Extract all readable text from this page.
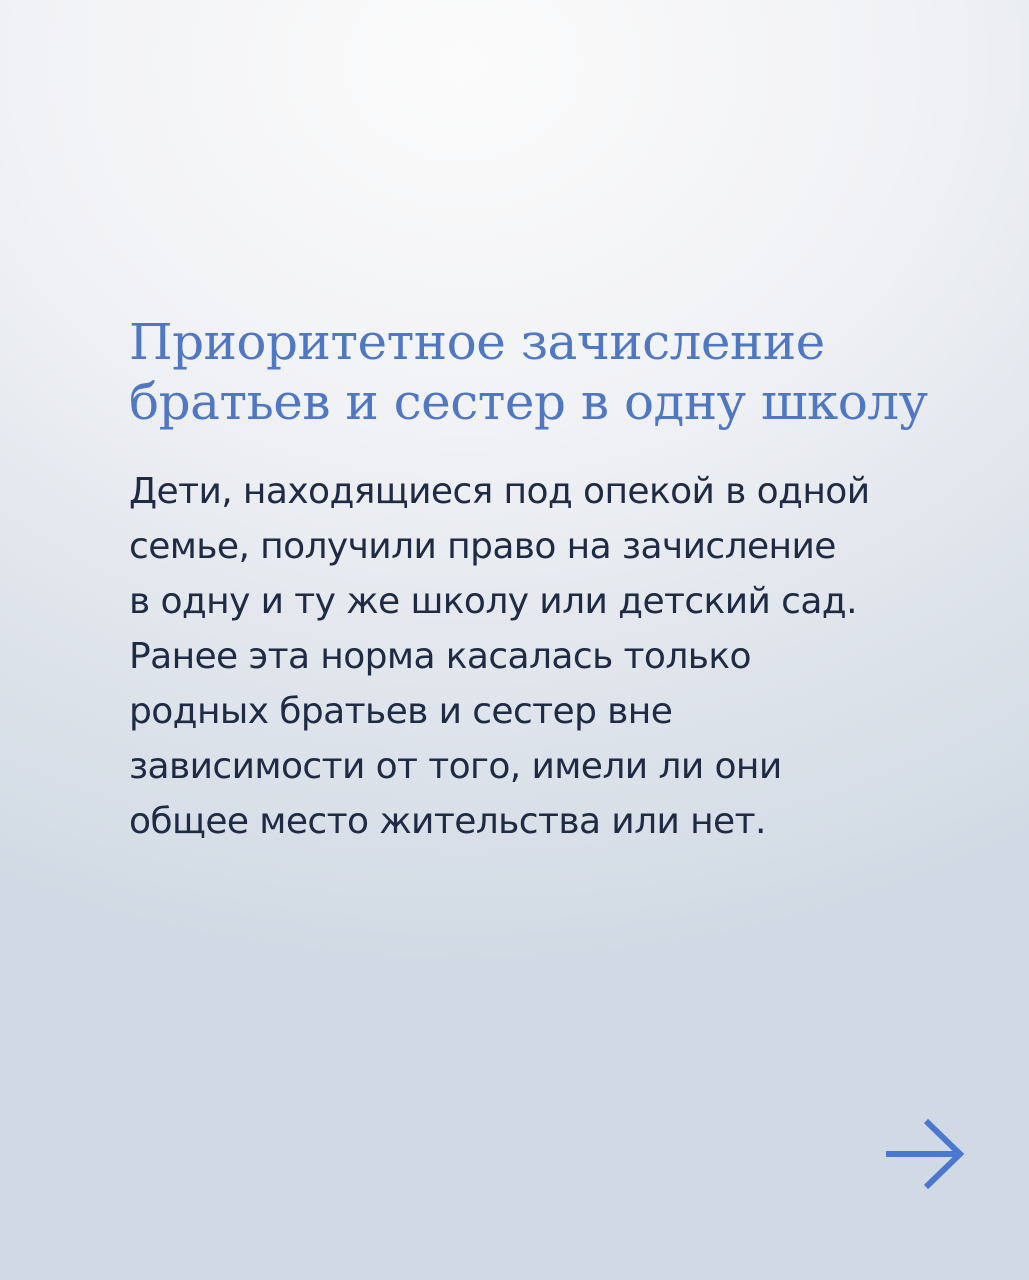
Приоритетное зачисление
братьев и сестер в одну школу

Дети, находящиеся под опекой в одной
семье, получили право на зачисление
в одну и ту же школу или детский сад.
Ранее эта норма касалась только
родных братьев и сестер вне
зависимости от того, имели ли они
общее место жительства или нет.
